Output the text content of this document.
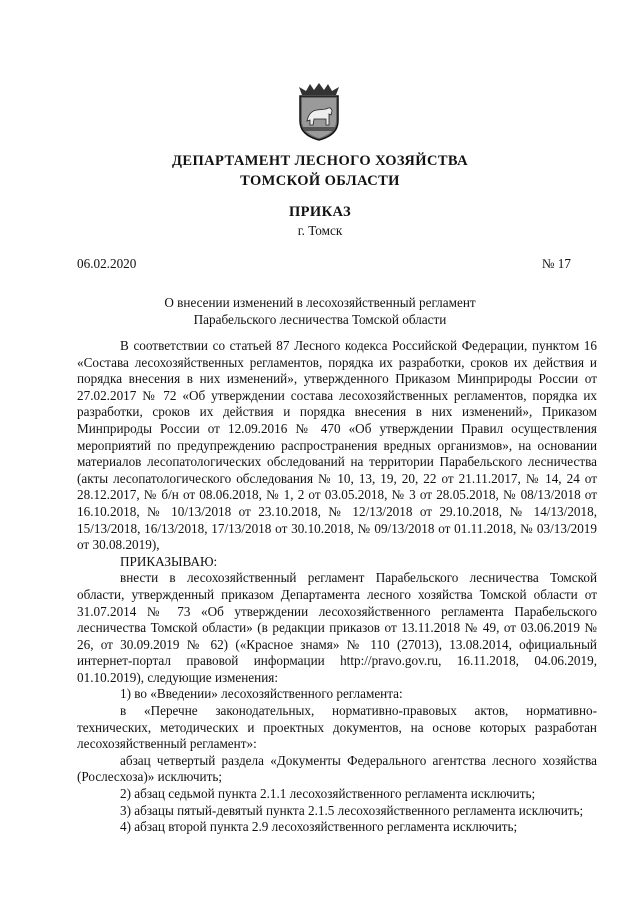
ДЕПАРТАМЕНТ ЛЕСНОГО ХОЗЯЙСТВА
ТОМСКОЙ ОБЛАСТИ
ПРИКАЗ
г. Томск
06.02.2020	№ 17
О внесении изменений в лесохозяйственный регламент
Парабельского лесничества Томской области

В соответствии со статьей 87 Лесного кодекса Российской Федерации, пунктом 16 «Состава лесохозяйственных регламентов, порядка их разработки, сроков их действия и порядка внесения в них изменений», утвержденного Приказом Минприроды России от 27.02.2017 № 72 «Об утверждении состава лесохозяйственных регламентов, порядка их разработки, сроков их действия и порядка внесения в них изменений», Приказом Минприроды России от 12.09.2016 № 470 «Об утверждении Правил осуществления мероприятий по предупреждению распространения вредных организмов», на основании материалов лесопатологических обследований на территории Парабельского лесничества (акты лесопатологического обследования № 10, 13, 19, 20, 22 от 21.11.2017, № 14, 24 от 28.12.2017, № б/н от 08.06.2018, № 1, 2 от 03.05.2018, № 3 от 28.05.2018, № 08/13/2018 от 16.10.2018, № 10/13/2018 от 23.10.2018, № 12/13/2018 от 29.10.2018, № 14/13/2018, 15/13/2018, 16/13/2018, 17/13/2018 от 30.10.2018, № 09/13/2018 от 01.11.2018, № 03/13/2019 от 30.08.2019),

ПРИКАЗЫВАЮ:

внести в лесохозяйственный регламент Парабельского лесничества Томской области, утвержденный приказом Департамента лесного хозяйства Томской области от 31.07.2014 № 73 «Об утверждении лесохозяйственного регламента Парабельского лесничества Томской области» (в редакции приказов от 13.11.2018 № 49, от 03.06.2019 № 26, от 30.09.2019 № 62) («Красное знамя» № 110 (27013), 13.08.2014, официальный интернет-портал правовой информации http://pravo.gov.ru, 16.11.2018, 04.06.2019, 01.10.2019), следующие изменения:

1) во «Введении» лесохозяйственного регламента:

в «Перечне законодательных, нормативно-правовых актов, нормативно-технических, методических и проектных документов, на основе которых разработан лесохозяйственный регламент»:

абзац четвертый раздела «Документы Федерального агентства лесного хозяйства (Рослесхоза)» исключить;

2) абзац седьмой пункта 2.1.1 лесохозяйственного регламента исключить;

3) абзацы пятый-девятый пункта 2.1.5 лесохозяйственного регламента исключить;

4) абзац второй пункта 2.9 лесохозяйственного регламента исключить;
